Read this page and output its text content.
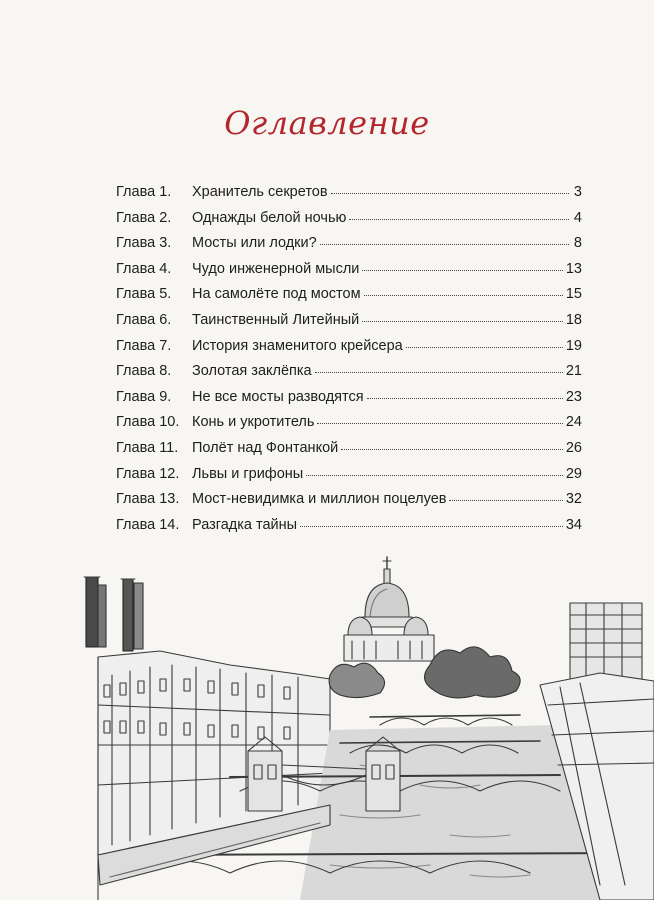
Оглавление
Глава 1.	Хранитель секретов	3
Глава 2.	Однажды белой ночью	4
Глава 3.	Мосты или лодки?	8
Глава 4.	Чудо инженерной мысли	13
Глава 5.	На самолёте под мостом	15
Глава 6.	Таинственный Литейный	18
Глава 7.	История знаменитого крейсера	19
Глава 8.	Золотая заклёпка	21
Глава 9.	Не все мосты разводятся	23
Глава 10. Конь и укротитель	24
Глава 11. Полёт над Фонтанкой	26
Глава 12. Львы и грифоны	29
Глава 13. Мост-невидимка и миллион поцелуев	32
Глава 14. Разгадка тайны	34
